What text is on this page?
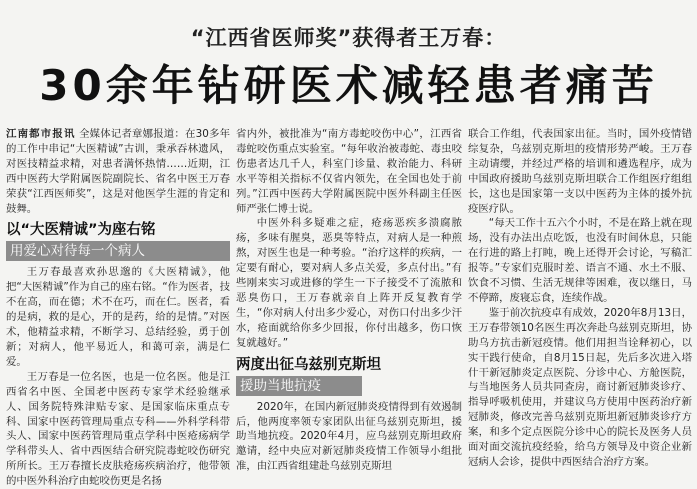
“江西省医师奖”获得者王万春：
30余年钻研医术减轻患者痛苦

江南都市报讯 全媒体记者章娜报道：在30多年的工作中串记“大医精诚”古训，秉承吞林遗风，对医技精益求精，对患者满怀热情……近期，江西中医药大学附属医院副院长、省名中医王万春荣获“江西医师奖”，这是对他医学生涯的肯定和鼓舞。

以“大医精诚”为座右铭
用爱心对待每一个病人

王万春最喜欢孙思邈的《大医精诚》，他把“大医精诚”作为自己的座右铭。“作为医者，技不在高，而在德；术不在巧，而在仁。医者，看的是病，救的是心，开的是药，给的是情。”对医术，他精益求精，不断学习、总结经验，勇于创新；对病人，他平易近人，和蔼可亲，满是仁爱。

王万春是一位名医，也是一位名医。他是江西省名中医、全国老中医药专家学术经验继承人、国务院特殊津贴专家、是国家临床重点专科、国家中医药管理局重点专科——外科学科带头人、国家中医药管理局重点学科中医疮疡病学学科带头人、省中西医结合研究院毒蛇咬伤研究所所长。王万春擅长皮肤疮疡疾病治疗，他带领的中医外科治疗由蛇咬伤更是名扬

省内外，被批准为“南方毒蛇咬伤中心”，江西省毒蛇咬伤重点实验室。“每年收治被毒蛇、毒虫咬伤患者达几千人，科室门诊量、救治能力、科研水平等相关指标不仅省内领先，在全国也处于前列。”江西中医药大学附属医院中医外科副主任医师严张仁博士说。

中医外科多疑难之症，疮疡恶疾多溃腐脓疡，多味有腥臭，恶臭等特点，对病人是一种煎熬，对医生也是一种考验。“治疗这样的疾病，一定要有耐心，要对病人多点关爱，多点付出。”有些刚来实习或进修的学生一下子接受不了流脓和恶臭伤口，王万春就亲自上阵开反复教育学生，“你对病人付出多少爱心，对伤口付出多少汗水，疮面就给你多少回报，你付出越多，伤口恢复就越好。”

两度出征乌兹别克斯坦
援助当地抗疫

2020年，在国内新冠肺炎疫情得到有效遏制后，他两度率领专家团队出征乌兹别克斯坦，援助当地抗疫。2020年4月，应乌兹别克斯坦政府邀请，经中央应对新冠肺炎疫情工作领导小组批准，由江西省组建赴乌兹别克斯坦

联合工作组，代表国家出征。当时，国外疫情错综复杂，乌兹别克斯坦的疫情形势严峻。王万春主动请缨，并经过严格的培训和遴选程序，成为中国政府援助乌兹别克斯坦联合工作组医疗组组长，这也是国家第一支以中医药为主体的援外抗疫医疗队。

“每天工作十五六个小时，不是在路上就在现场，没有办法出点吃饭，也没有时间休息，只能在行进的路上打盹，晚上还得开会讨论，写稿汇报等。”专家们克服时差、语言不通、水土不服、饮食不习惯、生活无规律等困难，夜以继日，马不停蹄，废寝忘食，连续作战。

鉴于前次抗疫卓有成效，2020年8月13日，王万春带领10名医生再次奔赴乌兹别克斯坦，协助乌方抗击新冠疫情。他们用担当诠释初心，以实干践行使命，自8月15日起，先后多次进入塔什干新冠肺炎定点医院、分诊中心、方舱医院，与当地医务人员共同查房，商讨新冠肺炎诊疗、指导呼吸机使用，并建议乌方使用中医药治疗新冠肺炎，修改完善乌兹别克斯坦新冠肺炎诊疗方案，和多个定点医院分诊中心的院长及医务人员面对面交流抗疫经验，给乌方领导及中资企业新冠病人会诊，提供中西医结合治疗方案。
